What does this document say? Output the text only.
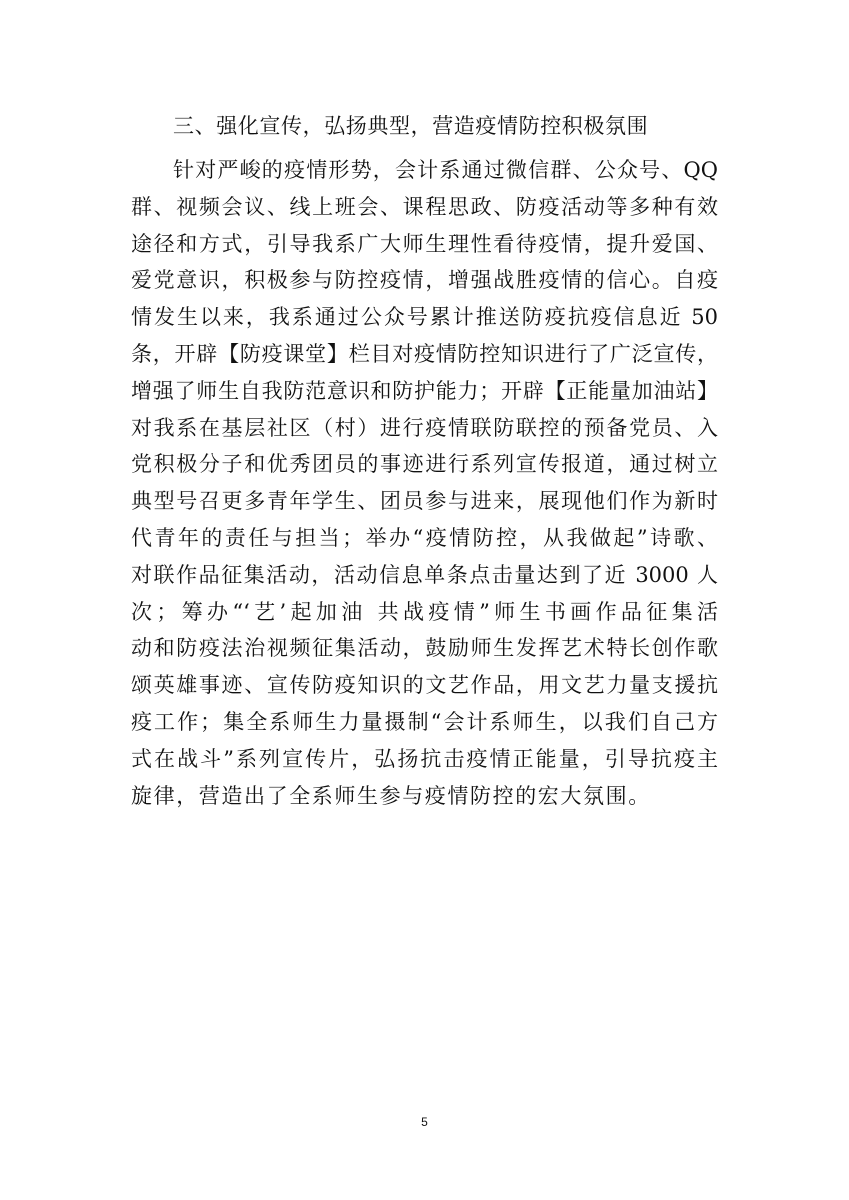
三、强化宣传，弘扬典型，营造疫情防控积极氛围
针对严峻的疫情形势，会计系通过微信群、公众号、QQ
群、视频会议、线上班会、课程思政、防疫活动等多种有效
途径和方式，引导我系广大师生理性看待疫情，提升爱国、
爱党意识，积极参与防控疫情，增强战胜疫情的信心。自疫
情发生以来，我系通过公众号累计推送防疫抗疫信息近 50
条，开辟【防疫课堂】栏目对疫情防控知识进行了广泛宣传，
增强了师生自我防范意识和防护能力；开辟【正能量加油站】
对我系在基层社区（村）进行疫情联防联控的预备党员、入
党积极分子和优秀团员的事迹进行系列宣传报道，通过树立
典型号召更多青年学生、团员参与进来，展现他们作为新时
代青年的责任与担当；举办“疫情防控，从我做起”诗歌、
对联作品征集活动，活动信息单条点击量达到了近 3000 人
次；筹办“‘艺’起加油 共战疫情”师生书画作品征集活
动和防疫法治视频征集活动，鼓励师生发挥艺术特长创作歌
颂英雄事迹、宣传防疫知识的文艺作品，用文艺力量支援抗
疫工作；集全系师生力量摄制“会计系师生，以我们自己方
式在战斗”系列宣传片，弘扬抗击疫情正能量，引导抗疫主
旋律，营造出了全系师生参与疫情防控的宏大氛围。
5
